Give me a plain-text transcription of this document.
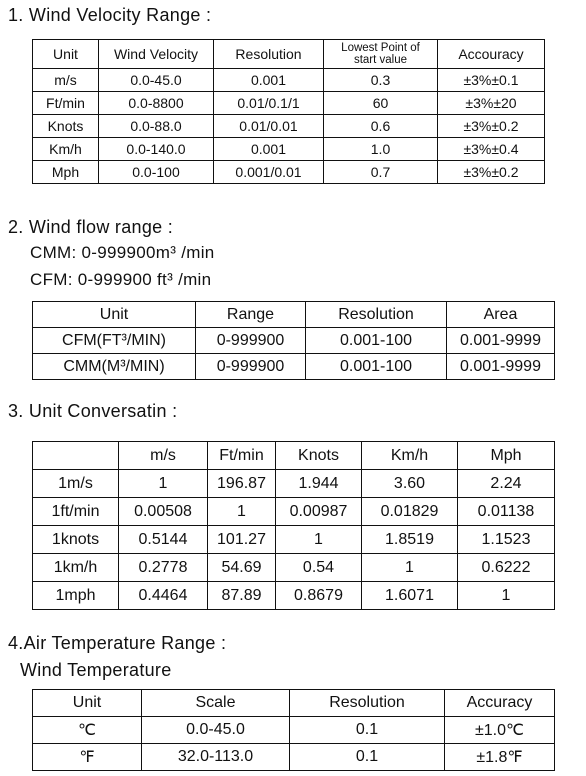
1. Wind Velocity Range :
Unit	Wind Velocity	Resolution	Lowest Point of start value	Accouracy
m/s	0.0-45.0	0.001	0.3	±3%±0.1
Ft/min	0.0-8800	0.01/0.1/1	60	±3%±20
Knots	0.0-88.0	0.01/0.01	0.6	±3%±0.2
Km/h	0.0-140.0	0.001	1.0	±3%±0.4
Mph	0.0-100	0.001/0.01	0.7	±3%±0.2
2. Wind flow range :
CMM: 0-999900m³ /min
CFM: 0-999900 ft³ /min
Unit	Range	Resolution	Area
CFM(FT³/MIN)	0-999900	0.001-100	0.001-9999
CMM(M³/MIN)	0-999900	0.001-100	0.001-9999
3. Unit Conversatin :
	m/s	Ft/min	Knots	Km/h	Mph
1m/s	1	196.87	1.944	3.60	2.24
1ft/min	0.00508	1	0.00987	0.01829	0.01138
1knots	0.5144	101.27	1	1.8519	1.1523
1km/h	0.2778	54.69	0.54	1	0.6222
1mph	0.4464	87.89	0.8679	1.6071	1
4.Air Temperature Range :
Wind Temperature
Unit	Scale	Resolution	Accuracy
℃	0.0-45.0	0.1	±1.0℃
℉	32.0-113.0	0.1	±1.8℉
